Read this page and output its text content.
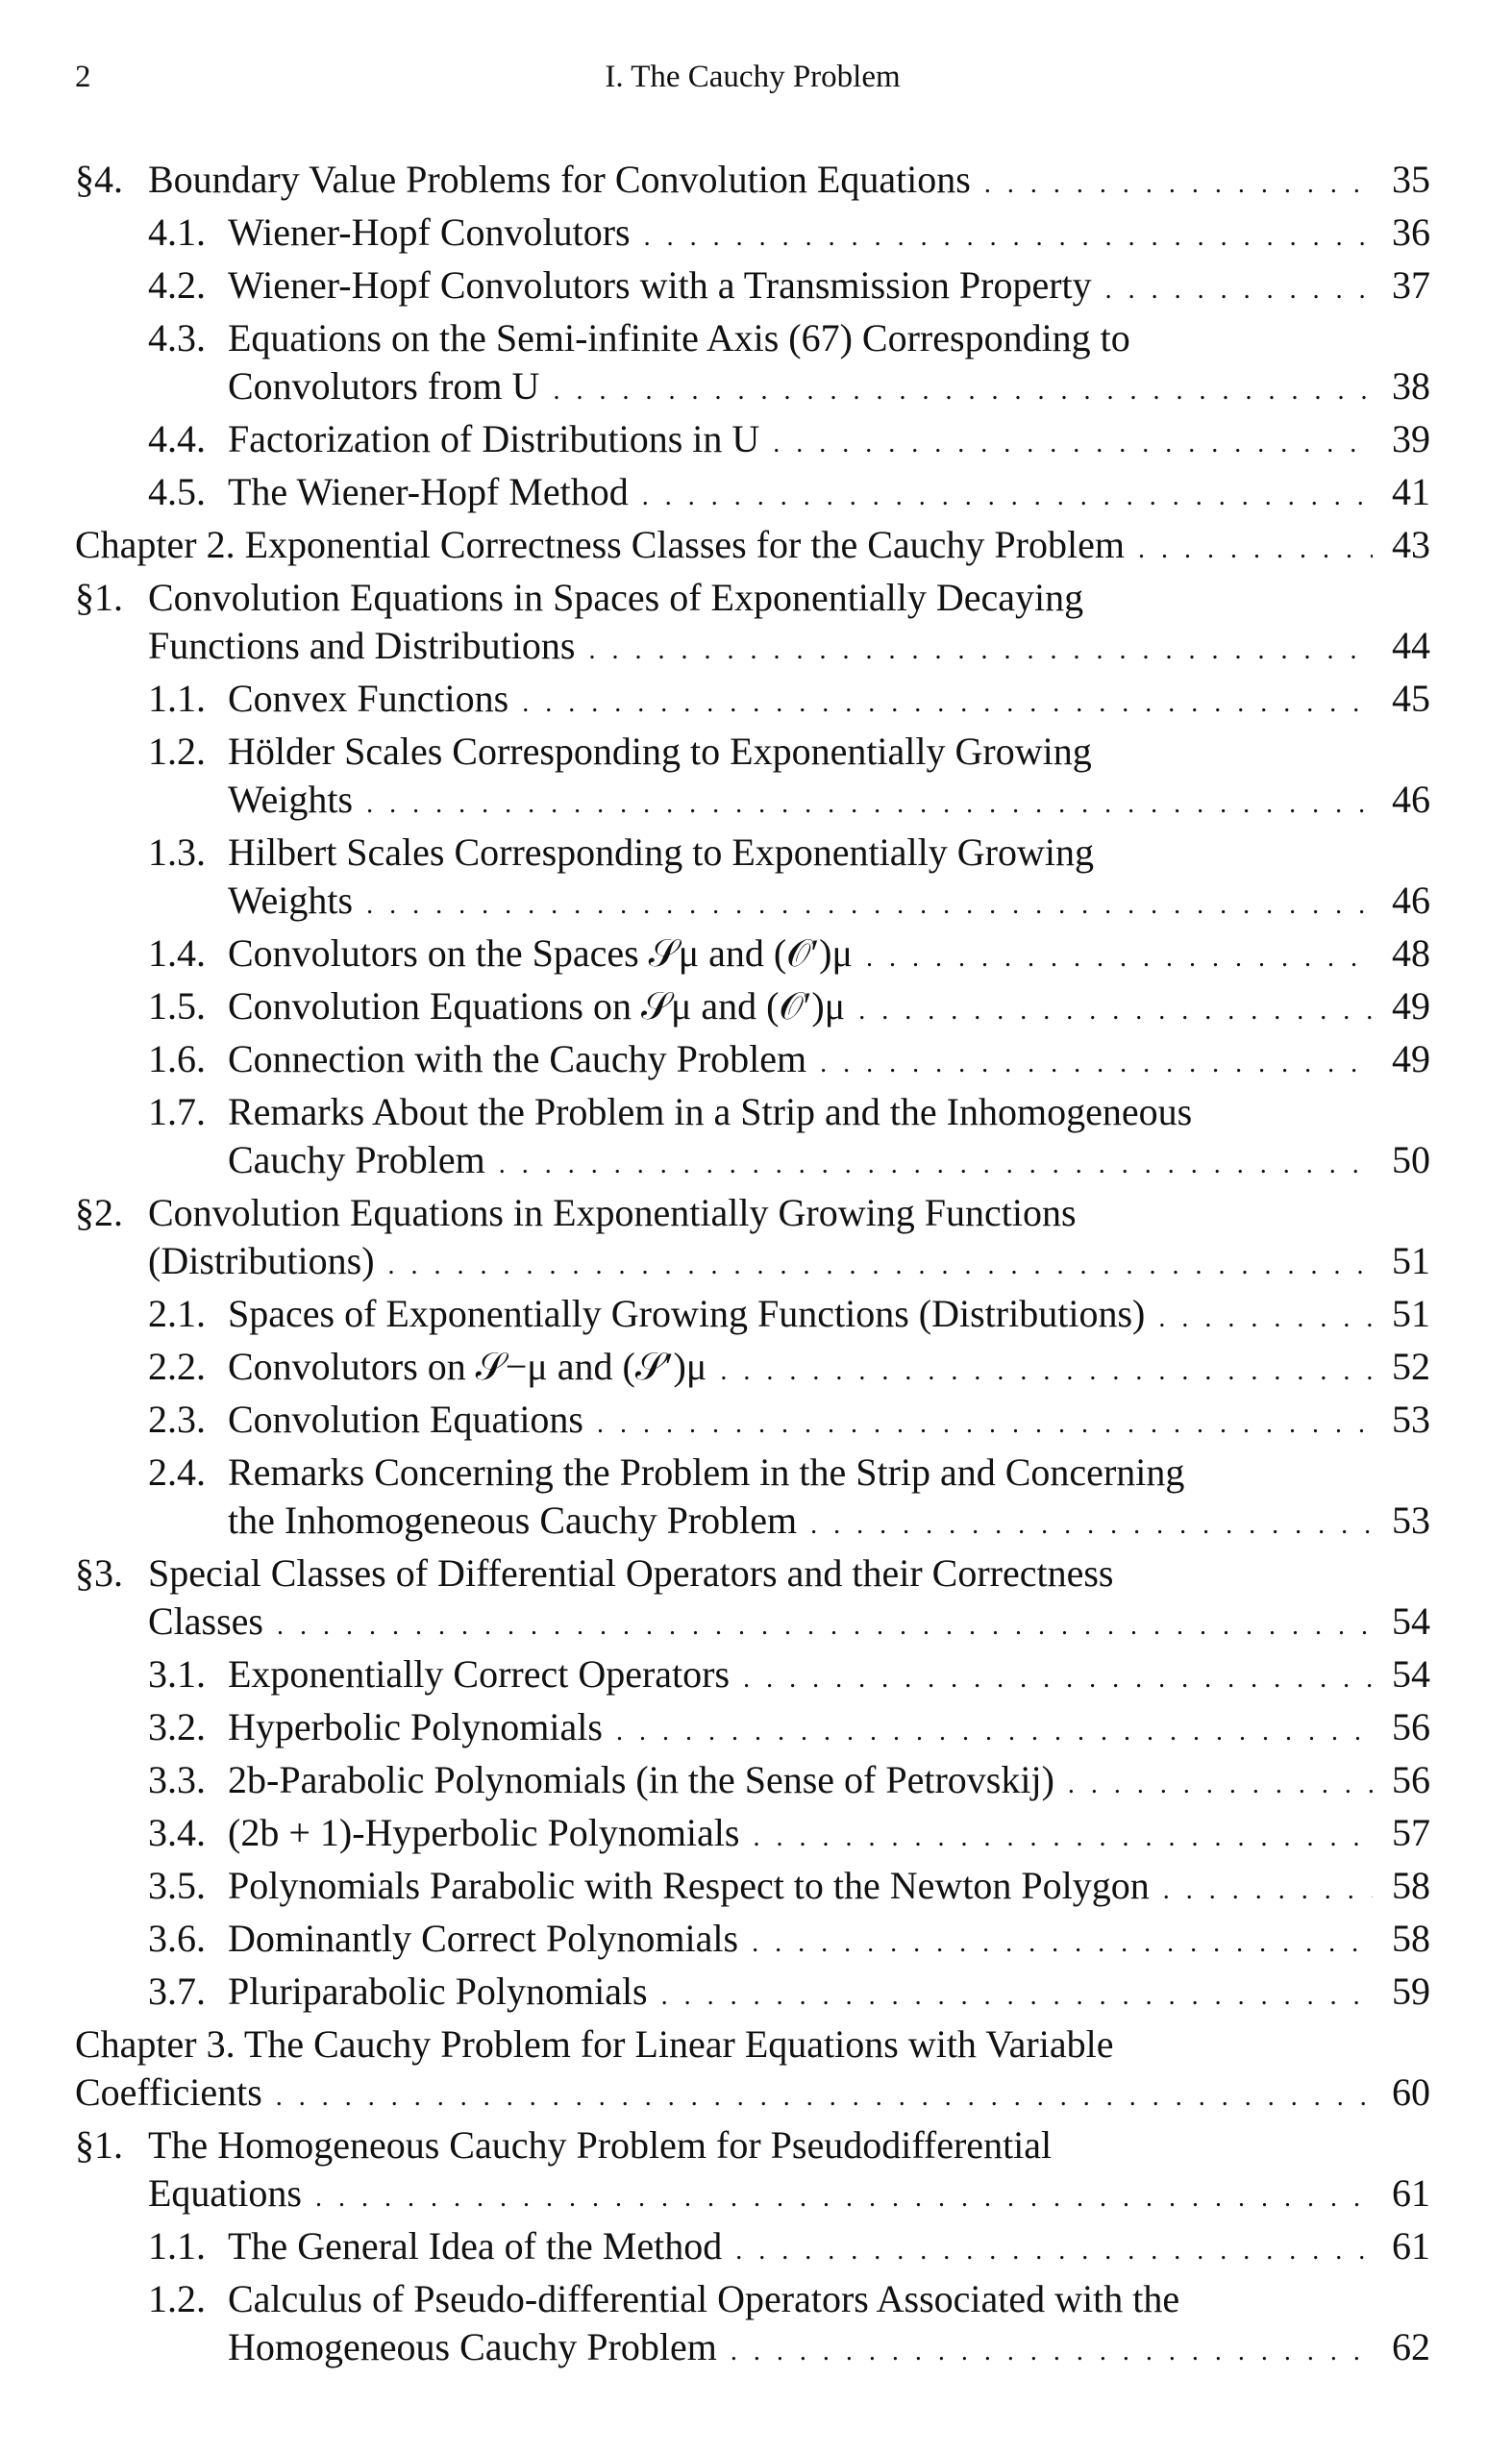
2	I. The Cauchy Problem
§4. Boundary Value Problems for Convolution Equations . . .	35
4.1. Wiener-Hopf Convolutors . . .	36
4.2. Wiener-Hopf Convolutors with a Transmission Property . . .	37
4.3. Equations on the Semi-infinite Axis (67) Corresponding to
Convolutors from U . . .	38
4.4. Factorization of Distributions in U . . .	39
4.5. The Wiener-Hopf Method . . .	41
Chapter 2. Exponential Correctness Classes for the Cauchy Problem . . .	43
§1. Convolution Equations in Spaces of Exponentially Decaying
Functions and Distributions . . .	44
1.1. Convex Functions . . .	45
1.2. Hölder Scales Corresponding to Exponentially Growing
Weights . . .	46
1.3. Hilbert Scales Corresponding to Exponentially Growing
Weights . . .	46
1.4. Convolutors on the Spaces 𝒮μ and (𝒪′)μ . . .	48
1.5. Convolution Equations on 𝒮μ and (𝒪′)μ . . .	49
1.6. Connection with the Cauchy Problem . . .	49
1.7. Remarks About the Problem in a Strip and the Inhomogeneous
Cauchy Problem . . .	50
§2. Convolution Equations in Exponentially Growing Functions
(Distributions) . . .	51
2.1. Spaces of Exponentially Growing Functions (Distributions) . . .	51
2.2. Convolutors on 𝒮−μ and (𝒮′)μ . . .	52
2.3. Convolution Equations . . .	53
2.4. Remarks Concerning the Problem in the Strip and Concerning
the Inhomogeneous Cauchy Problem . . .	53
§3. Special Classes of Differential Operators and their Correctness
Classes . . .	54
3.1. Exponentially Correct Operators . . .	54
3.2. Hyperbolic Polynomials . . .	56
3.3. 2b-Parabolic Polynomials (in the Sense of Petrovskij) . . .	56
3.4. (2b + 1)-Hyperbolic Polynomials . . .	57
3.5. Polynomials Parabolic with Respect to the Newton Polygon . . .	58
3.6. Dominantly Correct Polynomials . . .	58
3.7. Pluriparabolic Polynomials . . .	59
Chapter 3. The Cauchy Problem for Linear Equations with Variable
Coefficients . . .	60
§1. The Homogeneous Cauchy Problem for Pseudodifferential
Equations . . .	61
1.1. The General Idea of the Method . . .	61
1.2. Calculus of Pseudo-differential Operators Associated with the
Homogeneous Cauchy Problem . . .	62
